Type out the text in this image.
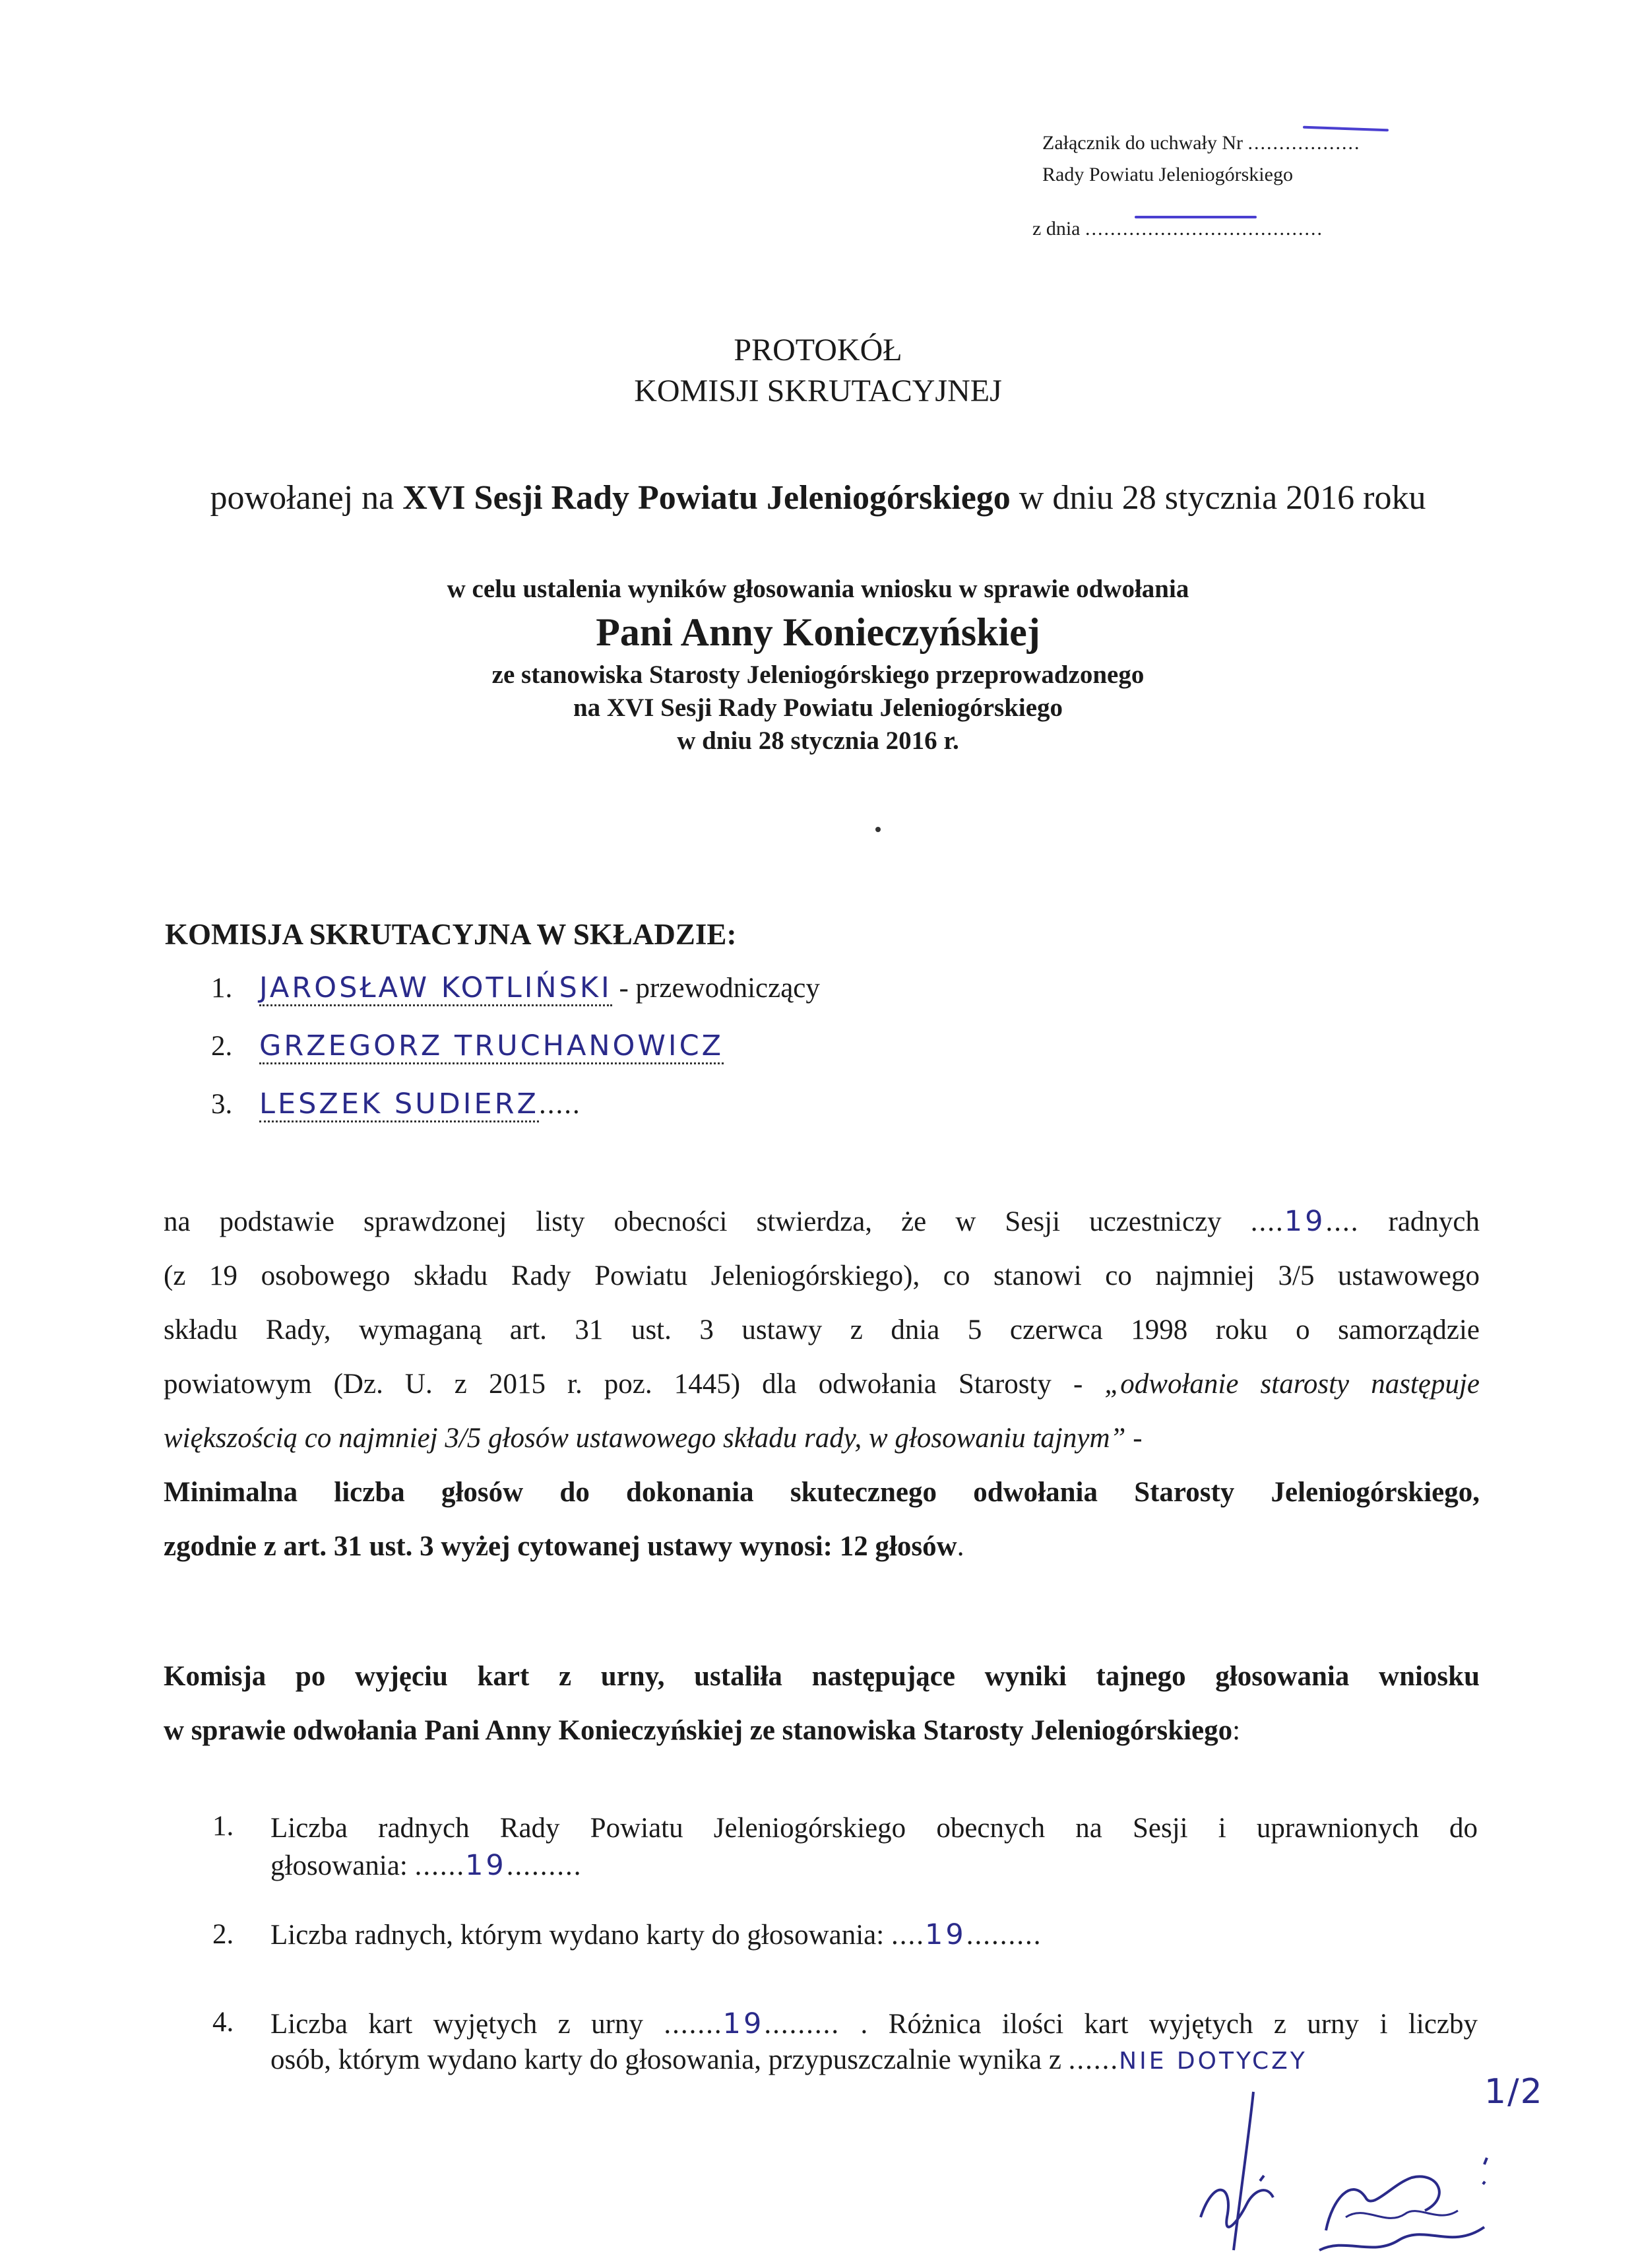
Załącznik do uchwały Nr ..................
Rady Powiatu Jeleniogórskiego
z dnia ......................................
PROTOKÓŁ
KOMISJI SKRUTACYJNEJ
powołanej na XVI Sesji Rady Powiatu Jeleniogórskiego w dniu 28 stycznia 2016 roku
w celu ustalenia wyników głosowania wniosku w sprawie odwołania
Pani Anny Konieczyńskiej
ze stanowiska Starosty Jeleniogórskiego przeprowadzonego
na XVI Sesji Rady Powiatu Jeleniogórskiego
w dniu 28 stycznia 2016 r.
KOMISJA SKRUTACYJNA W SKŁADZIE:
1. JAROSŁAW KOTLIŃSKI - przewodniczący
2. GRZEGORZ TRUCHANOWICZ
3. LESZEK SUDIERZ.....
na podstawie sprawdzonej listy obecności stwierdza, że w Sesji uczestniczy ....19.... radnych
(z 19 osobowego składu Rady Powiatu Jeleniogórskiego), co stanowi co najmniej 3/5 ustawowego
składu Rady, wymaganą art. 31 ust. 3 ustawy z dnia 5 czerwca 1998 roku o samorządzie
powiatowym (Dz. U. z 2015 r. poz. 1445) dla odwołania Starosty - „odwołanie starosty następuje
większością co najmniej 3/5 głosów ustawowego składu rady, w głosowaniu tajnym” -
Minimalna liczba głosów do dokonania skutecznego odwołania Starosty Jeleniogórskiego,
zgodnie z art. 31 ust. 3 wyżej cytowanej ustawy wynosi: 12 głosów.
Komisja po wyjęciu kart z urny, ustaliła następujące wyniki tajnego głosowania wniosku
w sprawie odwołania Pani Anny Konieczyńskiej ze stanowiska Starosty Jeleniogórskiego:
1. Liczba radnych Rady Powiatu Jeleniogórskiego obecnych na Sesji i uprawnionych do
głosowania: ......19.........
2. Liczba radnych, którym wydano karty do głosowania: ....19.........
4. Liczba kart wyjętych z urny .......19......... . Różnica ilości kart wyjętych z urny i liczby
osób, którym wydano karty do głosowania, przypuszczalnie wynika z ......NIE DOTYCZY
1/2
